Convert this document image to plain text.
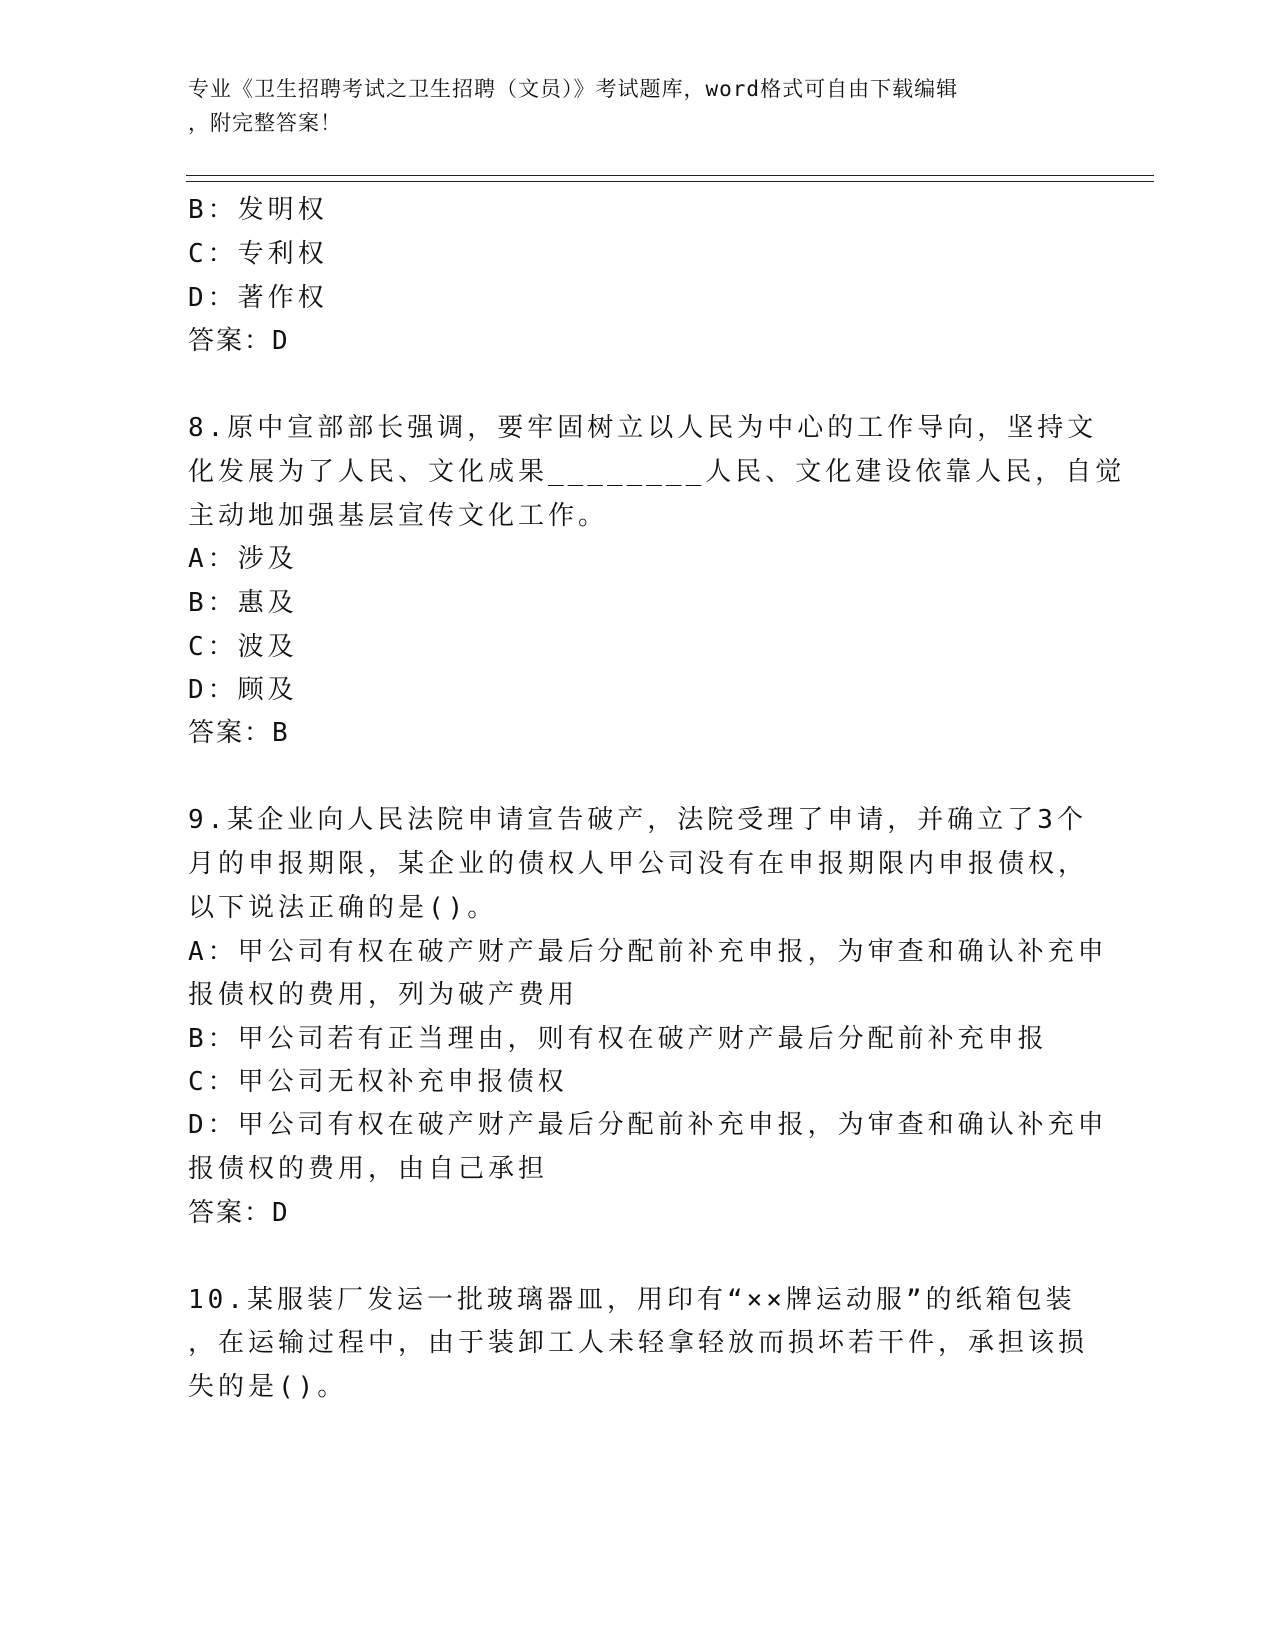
专业《卫生招聘考试之卫生招聘（文员）》考试题库，word格式可自由下载编辑
，附完整答案！
B：发明权
C：专利权
D：著作权
答案：D
8.原中宣部部长强调，要牢固树立以人民为中心的工作导向，坚持文
化发展为了人民、文化成果________人民、文化建设依靠人民，自觉
主动地加强基层宣传文化工作。
A：涉及
B：惠及
C：波及
D：顾及
答案：B
9.某企业向人民法院申请宣告破产，法院受理了申请，并确立了3个
月的申报期限，某企业的债权人甲公司没有在申报期限内申报债权，
以下说法正确的是()。
A：甲公司有权在破产财产最后分配前补充申报，为审查和确认补充申
报债权的费用，列为破产费用
B：甲公司若有正当理由，则有权在破产财产最后分配前补充申报
C：甲公司无权补充申报债权
D：甲公司有权在破产财产最后分配前补充申报，为审查和确认补充申
报债权的费用，由自己承担
答案：D
10.某服装厂发运一批玻璃器皿，用印有“××牌运动服”的纸箱包装
，在运输过程中，由于装卸工人未轻拿轻放而损坏若干件，承担该损
失的是()。
